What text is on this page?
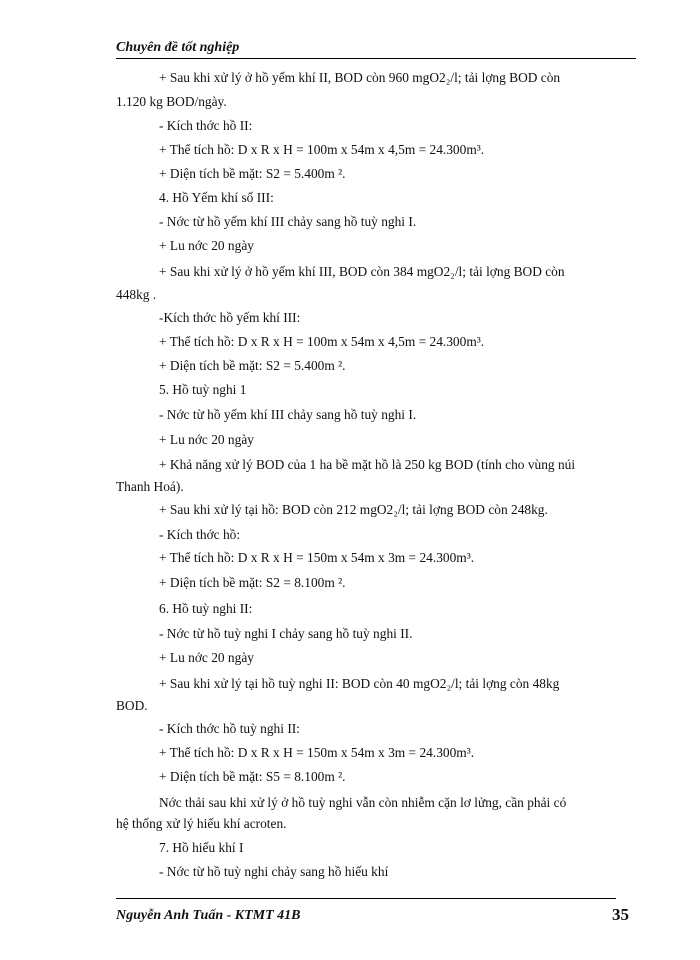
Chuyên đề tốt nghiệp
+ Sau khi xử lý ở hồ yếm khí II, BOD còn 960 mgO2₂/l; tải lợng BOD còn
1.120 kg BOD/ngày.
- Kích thớc hồ II:
+ Thể tích hồ: D x R x H = 100m x 54m x 4,5m = 24.300m³.
+ Diện tích bề mặt: S2 = 5.400m ².
4. Hồ Yếm khí số III:
- Nớc từ hồ yếm khí III chảy sang hồ tuỳ nghi I.
+ Lu nớc 20 ngày
+ Sau khi xử lý ở hồ yếm khí III, BOD còn 384 mgO2₂/l; tải lợng BOD còn
448kg .
-Kích thớc hồ yếm khí III:
+ Thể tích hồ: D x R x H = 100m x 54m x 4,5m = 24.300m³.
+ Diện tích bề mặt: S2 = 5.400m ².
5. Hồ tuỳ nghi 1
- Nớc từ hồ yếm khí III chảy sang hồ tuỳ nghi I.
+ Lu nớc 20 ngày
+ Khả năng xử lý BOD của 1 ha bề mặt hồ là 250 kg BOD (tính cho vùng núi
Thanh Hoá).
+ Sau khi xử lý tại hồ: BOD còn 212 mgO2₂/l; tải lợng BOD còn 248kg.
- Kích thớc hồ:
+ Thể tích hồ: D x R x H = 150m x 54m x 3m = 24.300m³.
+ Diện tích bề mặt: S2 = 8.100m ².
6. Hồ tuỳ nghi II:
- Nớc từ hồ tuỳ nghi I chảy sang hồ tuỳ nghi II.
+ Lu nớc 20 ngày
+ Sau khi xử lý tại hồ tuỳ nghi II: BOD còn 40 mgO2₂/l; tải lợng còn 48kg
BOD.
- Kích thớc hồ tuỳ nghi II:
+ Thể tích hồ: D x R x H = 150m x 54m x 3m = 24.300m³.
+ Diện tích bề mặt: S5 = 8.100m ².
Nớc thải sau khi xử lý ở hồ tuỳ nghi vẫn còn nhiễm cặn lơ lửng, cần phải có
hệ thống xử lý hiếu khí acroten.
7. Hồ hiếu khí I
- Nớc từ hồ tuỳ nghi chảy sang hồ hiếu khí
Nguyễn Anh Tuấn - KTMT 41B	35
